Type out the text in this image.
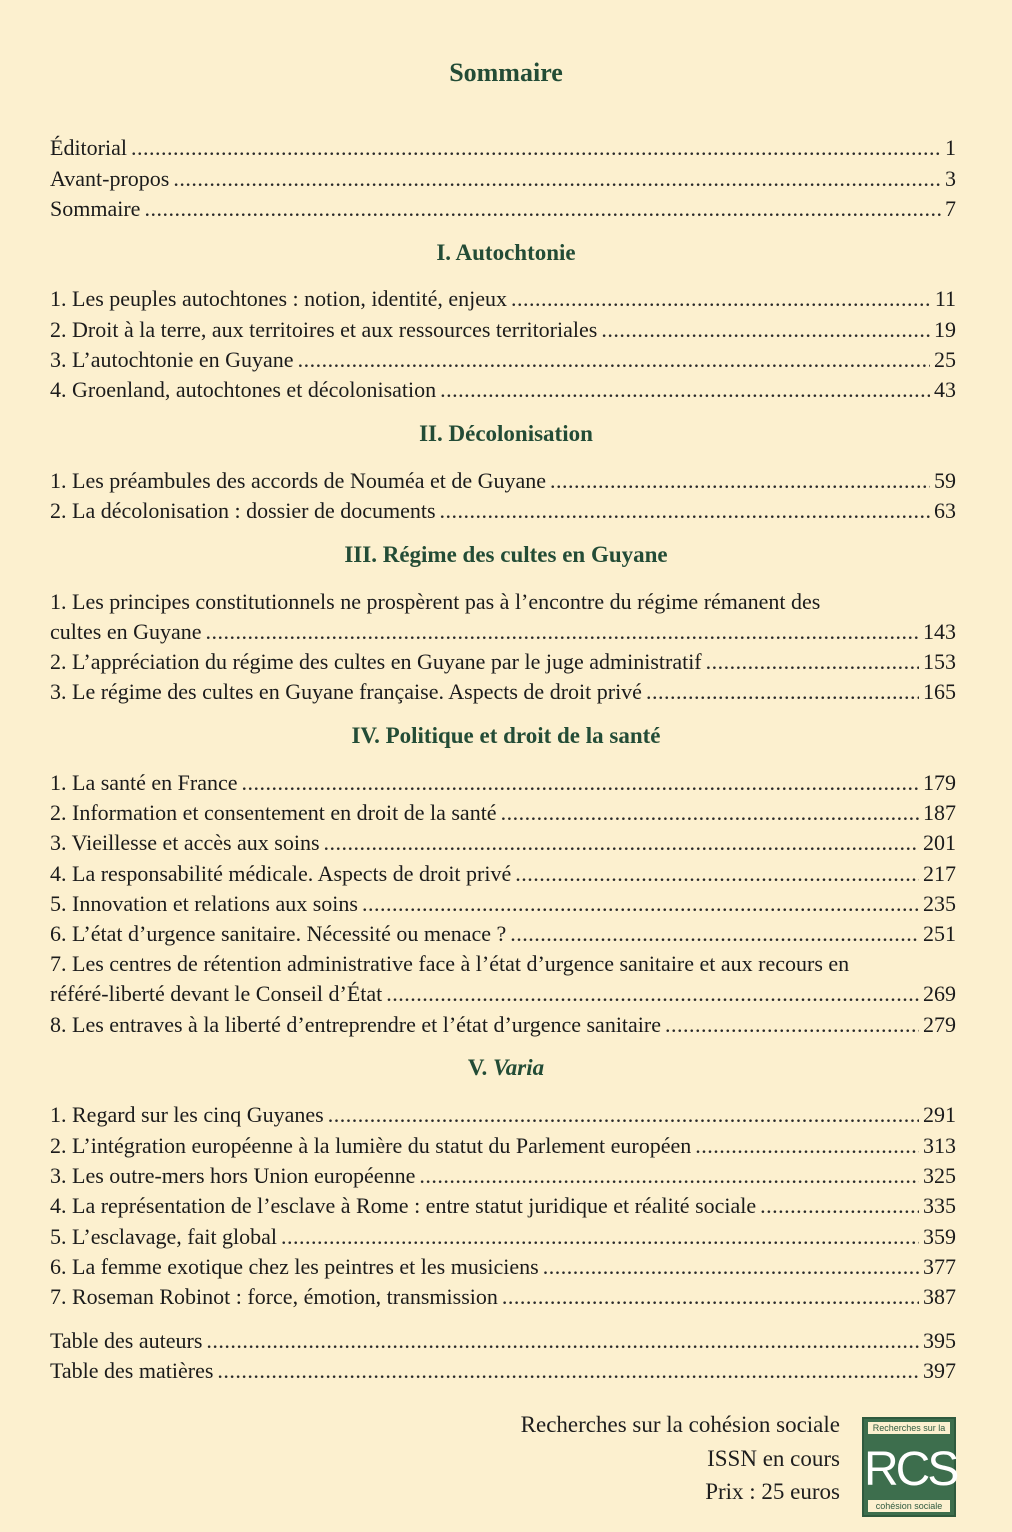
Sommaire
Éditorial .....	1
Avant-propos .....	3
Sommaire .....	7
I. Autochtonie
1. Les peuples autochtones : notion, identité, enjeux .....	11
2. Droit à la terre, aux territoires et aux ressources territoriales .....	19
3. L’autochtonie en Guyane .....	25
4. Groenland, autochtones et décolonisation .....	43
II. Décolonisation
1. Les préambules des accords de Nouméa et de Guyane .....	59
2. La décolonisation : dossier de documents .....	63
III. Régime des cultes en Guyane
1. Les principes constitutionnels ne prospèrent pas à l’encontre du régime rémanent des
cultes en Guyane .....	143
2. L’appréciation du régime des cultes en Guyane par le juge administratif .....	153
3. Le régime des cultes en Guyane française. Aspects de droit privé .....	165
IV. Politique et droit de la santé
1. La santé en France .....	179
2. Information et consentement en droit de la santé .....	187
3. Vieillesse et accès aux soins .....	201
4. La responsabilité médicale. Aspects de droit privé .....	217
5. Innovation et relations aux soins .....	235
6. L’état d’urgence sanitaire. Nécessité ou menace ? .....	251
7. Les centres de rétention administrative face à l’état d’urgence sanitaire et aux recours en
référé-liberté devant le Conseil d’État .....	269
8. Les entraves à la liberté d’entreprendre et l’état d’urgence sanitaire .....	279
V. Varia
1. Regard sur les cinq Guyanes .....	291
2. L’intégration européenne à la lumière du statut du Parlement européen .....	313
3. Les outre-mers hors Union européenne .....	325
4. La représentation de l’esclave à Rome : entre statut juridique et réalité sociale .....	335
5. L’esclavage, fait global .....	359
6. La femme exotique chez les peintres et les musiciens .....	377
7. Roseman Robinot : force, émotion, transmission .....	387
Table des auteurs .....	395
Table des matières .....	397
Recherches sur la cohésion sociale
ISSN en cours
Prix : 25 euros
Recherches sur la
RCS
cohésion sociale
